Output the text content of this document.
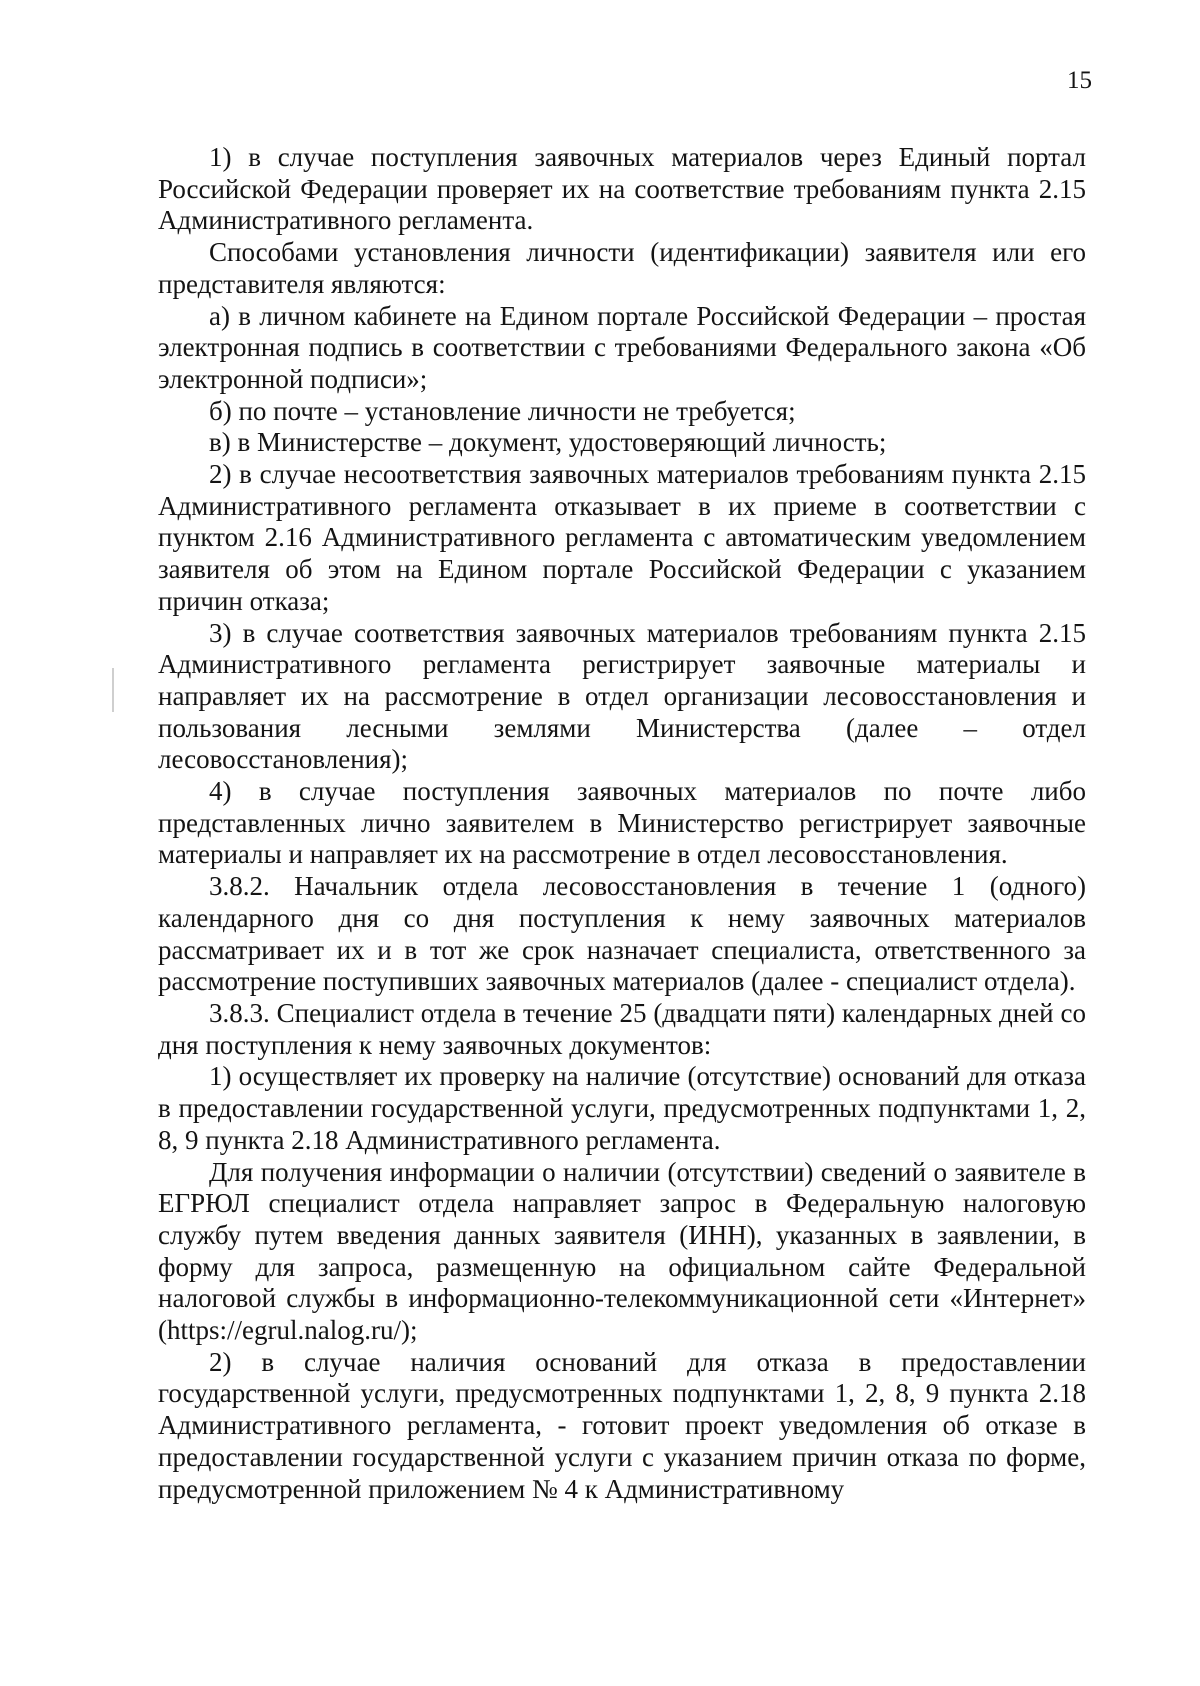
15

1) в случае поступления заявочных материалов через Единый портал Российской Федерации проверяет их на соответствие требованиям пункта 2.15 Административного регламента.

Способами установления личности (идентификации) заявителя или его представителя являются:

а) в личном кабинете на Едином портале Российской Федерации – простая электронная подпись в соответствии с требованиями Федерального закона «Об электронной подписи»;

б) по почте – установление личности не требуется;

в) в Министерстве – документ, удостоверяющий личность;

2) в случае несоответствия заявочных материалов требованиям пункта 2.15 Административного регламента отказывает в их приеме в соответствии с пунктом 2.16 Административного регламента с автоматическим уведомлением заявителя об этом на Едином портале Российской Федерации с указанием причин отказа;

3) в случае соответствия заявочных материалов требованиям пункта 2.15 Административного регламента регистрирует заявочные материалы и направляет их на рассмотрение в отдел организации лесовосстановления и пользования лесными землями Министерства (далее – отдел лесовосстановления);

4) в случае поступления заявочных материалов по почте либо представленных лично заявителем в Министерство регистрирует заявочные материалы и направляет их на рассмотрение в отдел лесовосстановления.

3.8.2. Начальник отдела лесовосстановления в течение 1 (одного) календарного дня со дня поступления к нему заявочных материалов рассматривает их и в тот же срок назначает специалиста, ответственного за рассмотрение поступивших заявочных материалов (далее - специалист отдела).

3.8.3. Специалист отдела в течение 25 (двадцати пяти) календарных дней со дня поступления к нему заявочных документов:

1) осуществляет их проверку на наличие (отсутствие) оснований для отказа в предоставлении государственной услуги, предусмотренных подпунктами 1, 2, 8, 9 пункта 2.18 Административного регламента.

Для получения информации о наличии (отсутствии) сведений о заявителе в ЕГРЮЛ специалист отдела направляет запрос в Федеральную налоговую службу путем введения данных заявителя (ИНН), указанных в заявлении, в форму для запроса, размещенную на официальном сайте Федеральной налоговой службы в информационно-телекоммуникационной сети «Интернет» (https://egrul.nalog.ru/);

2) в случае наличия оснований для отказа в предоставлении государственной услуги, предусмотренных подпунктами 1, 2, 8, 9 пункта 2.18 Административного регламента, - готовит проект уведомления об отказе в предоставлении государственной услуги с указанием причин отказа по форме, предусмотренной приложением № 4 к Административному
